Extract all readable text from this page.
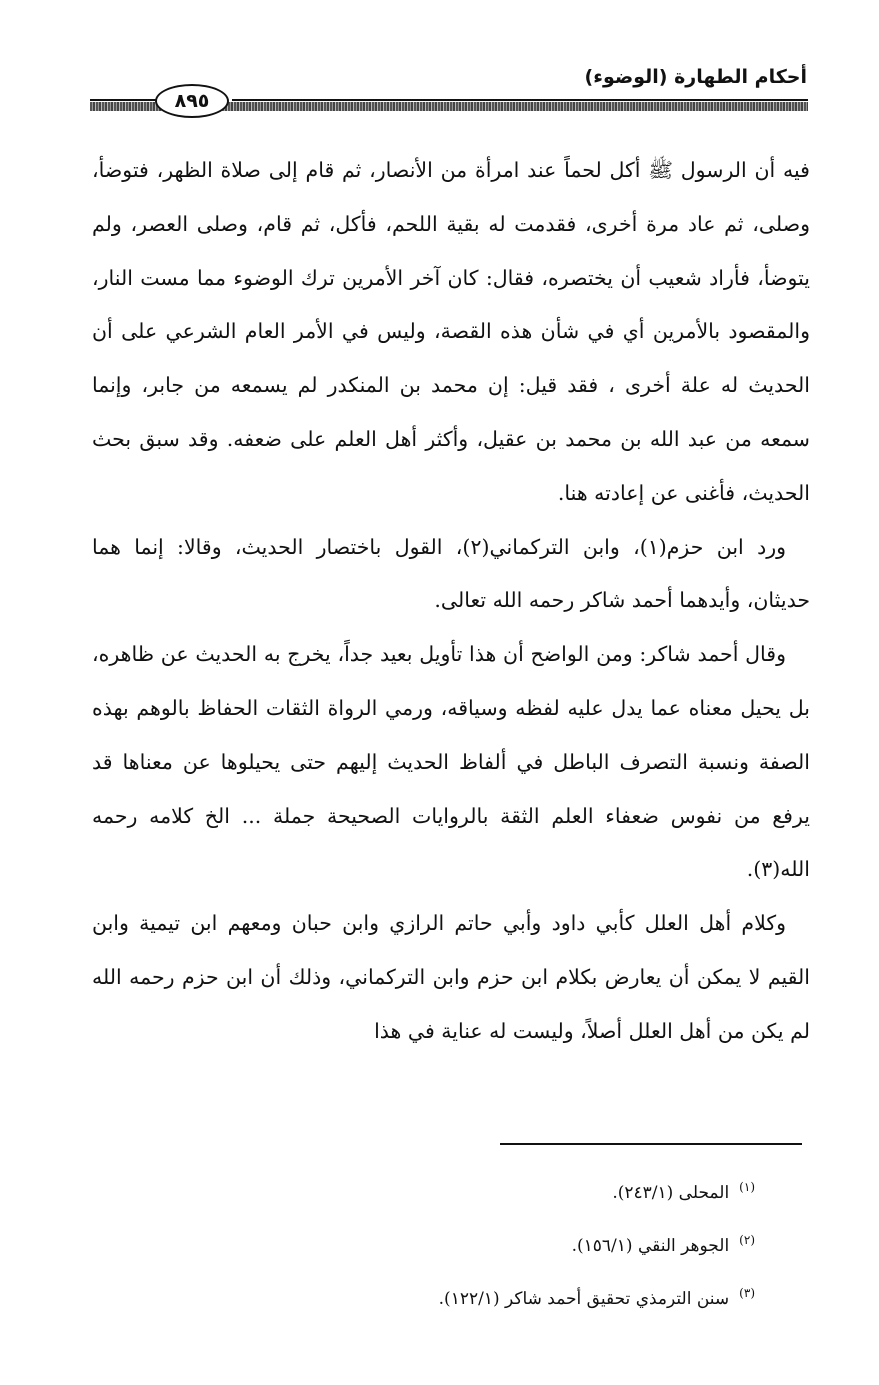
أحكام الطهارة (الوضوء)
٨٩٥

فيه أن الرسول ﷺ أكل لحماً عند امرأة من الأنصار، ثم قام إلى صلاة الظهر، فتوضأ، وصلى، ثم عاد مرة أخرى، فقدمت له بقية اللحم، فأكل، ثم قام، وصلى العصر، ولم يتوضأ، فأراد شعيب أن يختصره، فقال: كان آخر الأمرين ترك الوضوء مما مست النار، والمقصود بالأمرين أي في شأن هذه القصة، وليس في الأمر العام الشرعي على أن الحديث له علة أخرى ، فقد قيل: إن محمد بن المنكدر لم يسمعه من جابر، وإنما سمعه من عبد الله بن محمد بن عقيل، وأكثر أهل العلم على ضعفه. وقد سبق بحث الحديث، فأغنى عن إعادته هنا.

ورد ابن حزم(١)، وابن التركماني(٢)، القول باختصار الحديث، وقالا: إنما هما حديثان، وأيدهما أحمد شاكر رحمه الله تعالى.

وقال أحمد شاكر: ومن الواضح أن هذا تأويل بعيد جداً، يخرج به الحديث عن ظاهره، بل يحيل معناه عما يدل عليه لفظه وسياقه، ورمي الرواة الثقات الحفاظ بالوهم بهذه الصفة ونسبة التصرف الباطل في ألفاظ الحديث إليهم حتى يحيلوها عن معناها قد يرفع من نفوس ضعفاء العلم الثقة بالروايات الصحيحة جملة ... الخ كلامه رحمه الله(٣).

وكلام أهل العلل كأبي داود وأبي حاتم الرازي وابن حبان ومعهم ابن تيمية وابن القيم لا يمكن أن يعارض بكلام ابن حزم وابن التركماني، وذلك أن ابن حزم رحمه الله لم يكن من أهل العلل أصلاً، وليست له عناية في هذا

(١)
المحلى (٢٤٣/١).
(٢)
الجوهر النقي (١٥٦/١).
(٣)
سنن الترمذي تحقيق أحمد شاكر (١٢٢/١).
